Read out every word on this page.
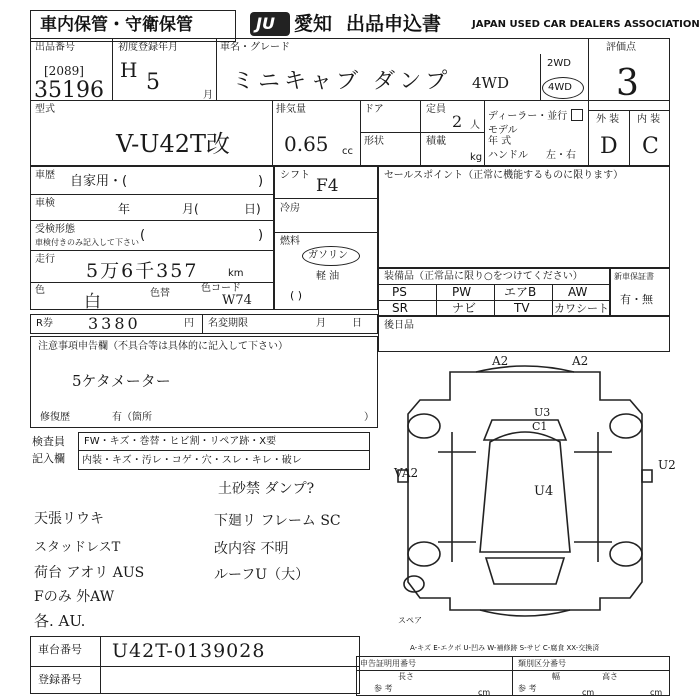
車内保管・守衛保管	JU 愛知 出品申込書	JAPAN USED CAR DEALERS ASSOCIATION
出品番号
[2089]
35196
初度登録年月
H 5
月
車名・グレード
ミニキャブ ダンプ 4WD
2WD
4WD
評価点
3
外 装 内 装
D C
型式
V-U42T改
排気量
0.65 cc
ドア
形状
定員
2 人
積載
kg
ディーラー・並行
モデル
年 式
ハンドル 左・右
車歴 自家用・(	)
車検	年	月(	日)
受検形態
車検付きのみ記入して下さい (	)
走行
5万6千357	km
色
白	色替	色コード
W74
シフト
F4
冷房
燃料
ガソリン
軽 油
( )
セールスポイント（正常に機能するものに限ります）
装備品（正常品に限り○をつけてください）
PS	PW	エアB	AW
SR	ナビ	TV カワシート
新車保証書
有・無
R券 3380	円 名変期限	月	日 後日品
注意事項申告欄（不具合等は具体的に記入して下さい）
5ケタメーター
修復歴	有（箇所	）
検査員
記入欄
FW・キズ・巻替・ヒビ割・リペア跡・X要
内装・キズ・汚レ・コゲ・穴・スレ・キレ・破レ
土砂禁 ダンプ?
天張リウキ	下廻リ フレーム SC
スタッドレスT	改内容 不明
荷台 アオリ AUS	ルーフU（大）
Fのみ 外AW
各. AU.
車台番号 U42T-0139028
登録番号
A2	A2
U3
C1
U4
VA2
U2
スペア
A-キズ E-エクボ U-凹み W-補修跡 S-サビ C-腐食 XX-交換済
申告証明用番号	類別区分番号
参 考
長さ
cm	参 考
幅
cm
高さ
cm
